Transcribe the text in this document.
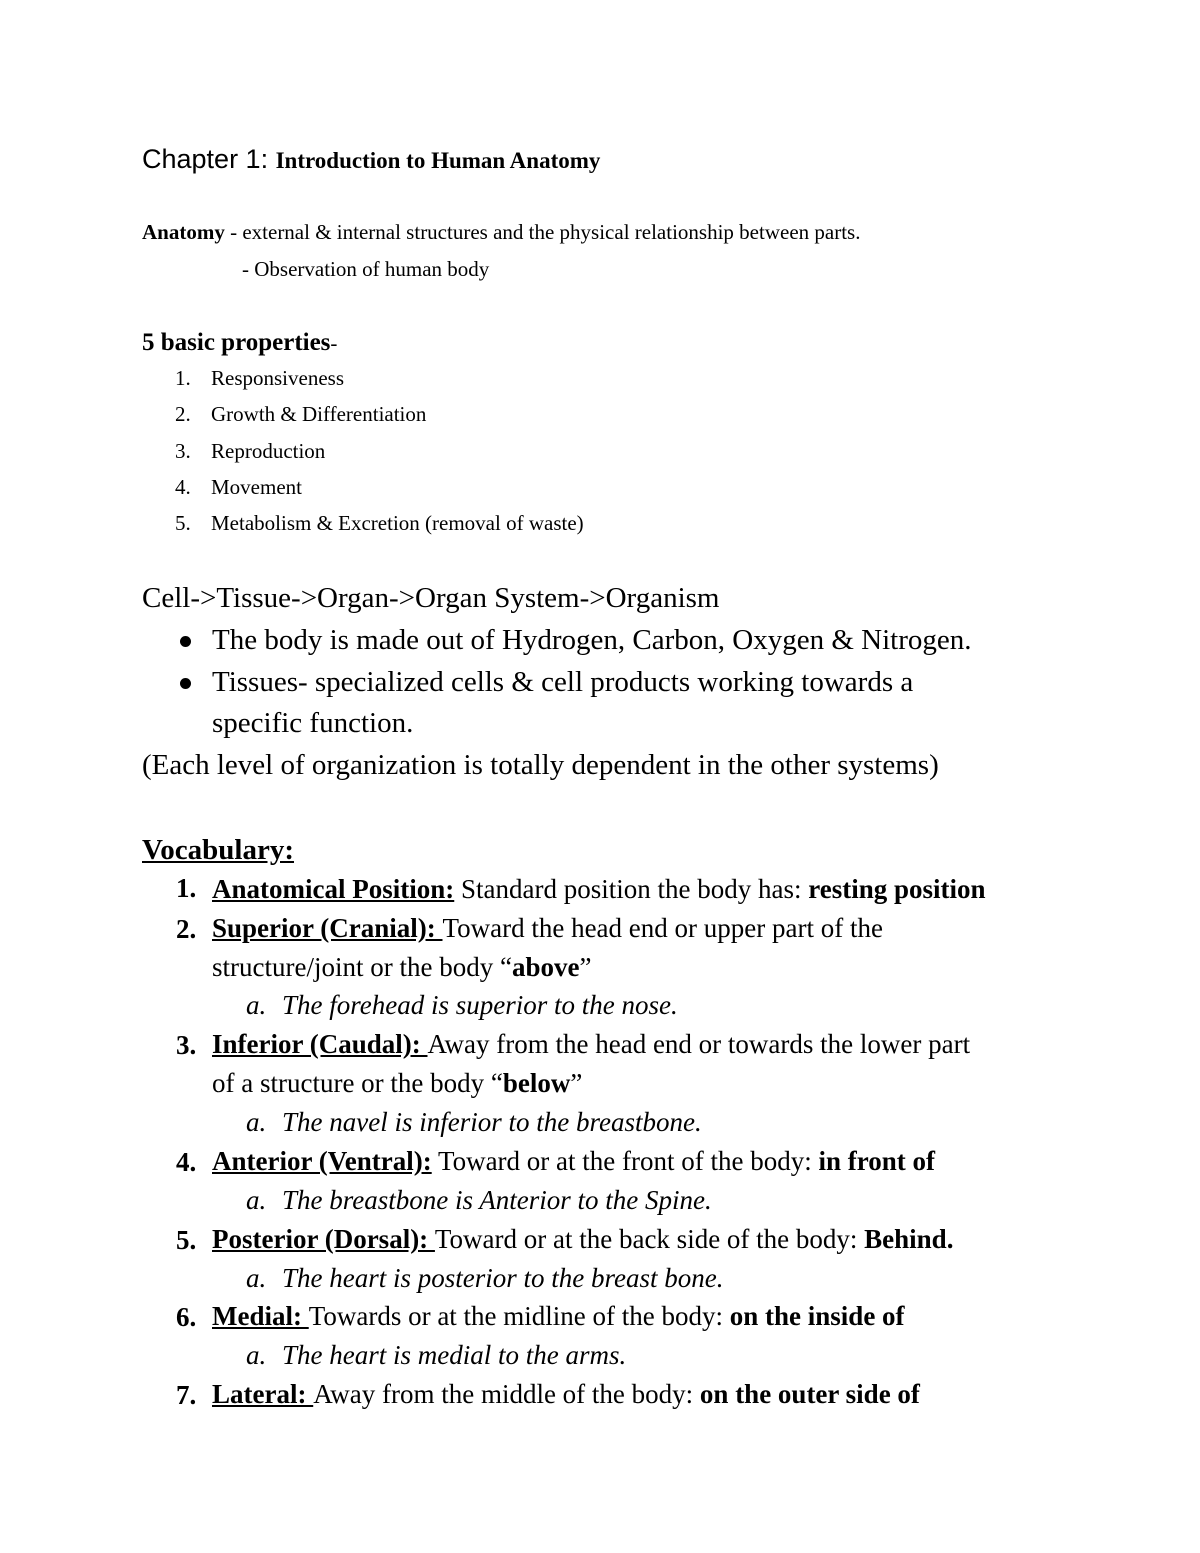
Chapter 1: Introduction to Human Anatomy
Anatomy - external & internal structures and the physical relationship between parts.
- Observation of human body
5 basic properties-
1. Responsiveness
2. Growth & Differentiation
3. Reproduction
4. Movement
5. Metabolism & Excretion (removal of waste)
Cell->Tissue->Organ->Organ System->Organism
The body is made out of Hydrogen, Carbon, Oxygen & Nitrogen.
Tissues- specialized cells & cell products working towards a
specific function.
(Each level of organization is totally dependent in the other systems)
Vocabulary:
1. Anatomical Position: Standard position the body has: resting position
2. Superior (Cranial): Toward the head end or upper part of the
structure/joint or the body “above”
a. The forehead is superior to the nose.
3. Inferior (Caudal): Away from the head end or towards the lower part
of a structure or the body “below”
a. The navel is inferior to the breastbone.
4. Anterior (Ventral): Toward or at the front of the body: in front of
a. The breastbone is Anterior to the Spine.
5. Posterior (Dorsal): Toward or at the back side of the body: Behind.
a. The heart is posterior to the breast bone.
6. Medial: Towards or at the midline of the body: on the inside of
a. The heart is medial to the arms.
7. Lateral: Away from the middle of the body: on the outer side of
